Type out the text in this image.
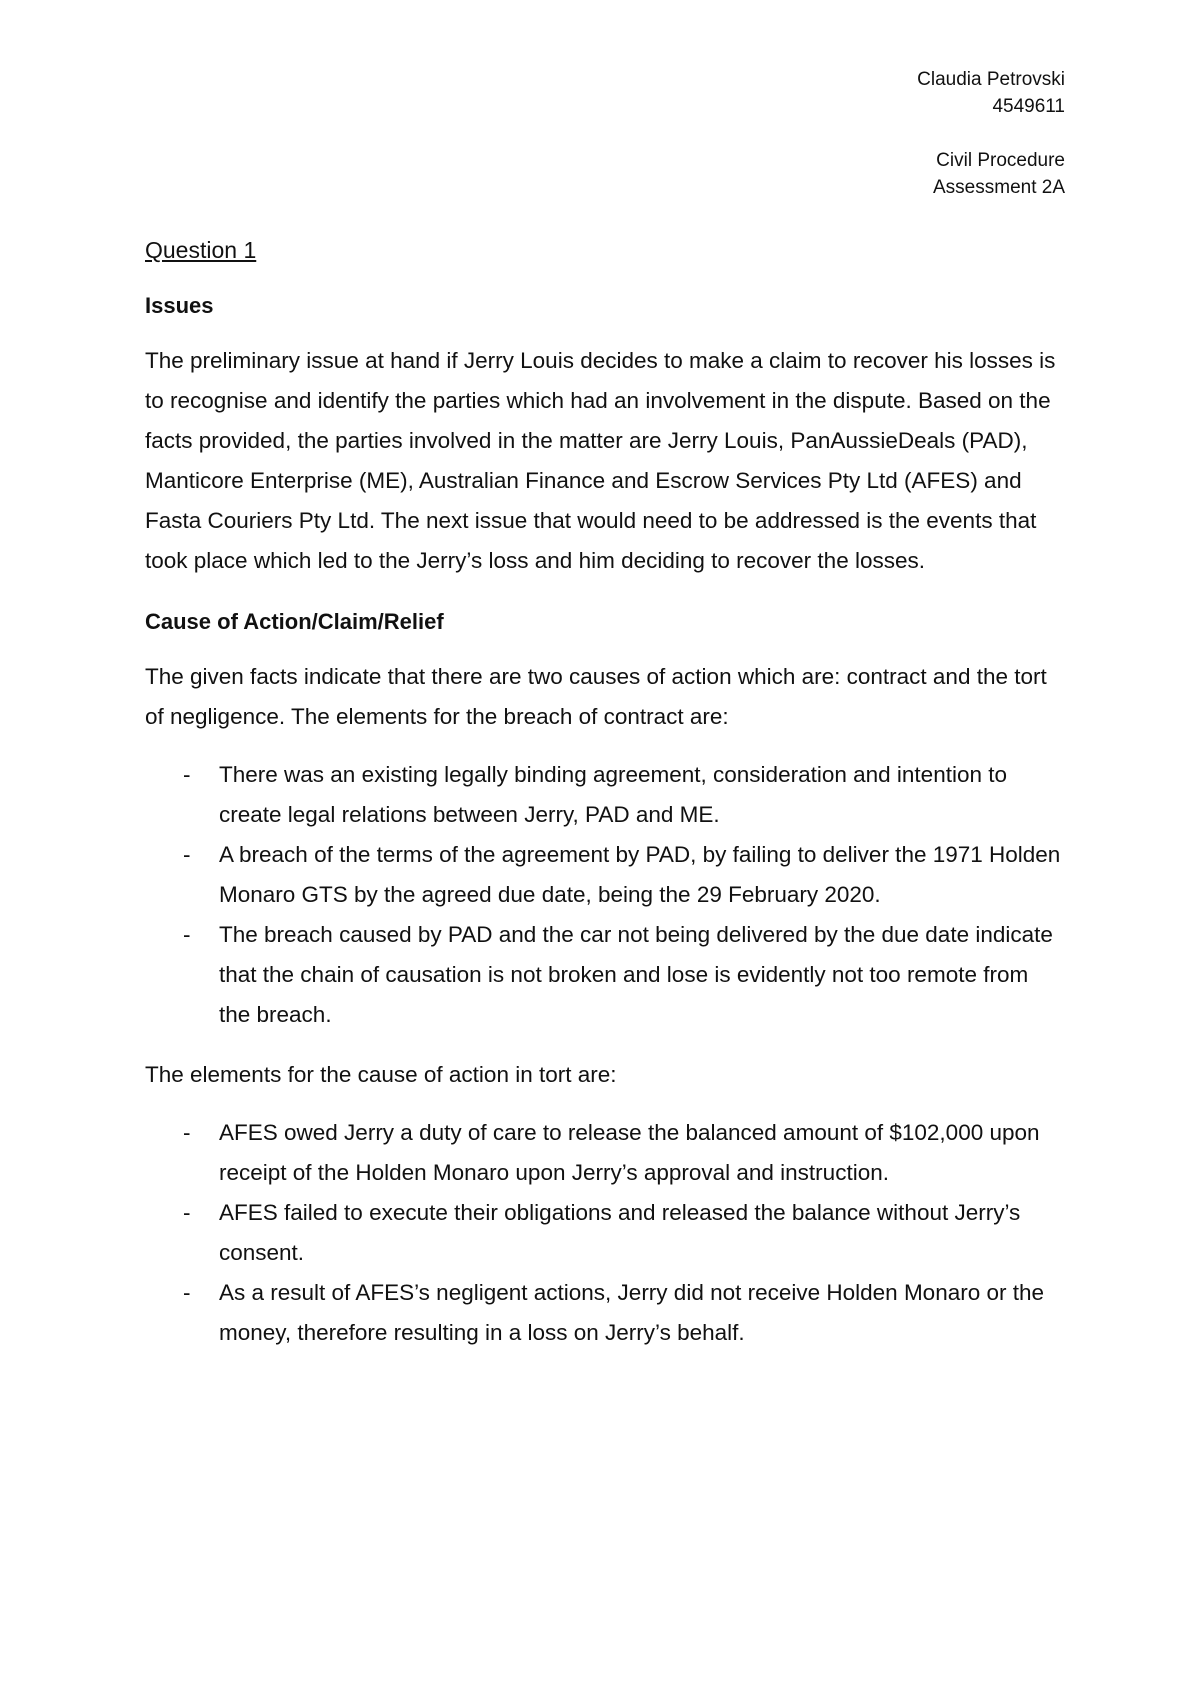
Claudia Petrovski
4549611
Civil Procedure
Assessment 2A
Question 1
Issues

The preliminary issue at hand if Jerry Louis decides to make a claim to recover his losses is to recognise and identify the parties which had an involvement in the dispute. Based on the facts provided, the parties involved in the matter are Jerry Louis, PanAussieDeals (PAD), Manticore Enterprise (ME), Australian Finance and Escrow Services Pty Ltd (AFES) and Fasta Couriers Pty Ltd. The next issue that would need to be addressed is the events that took place which led to the Jerry’s loss and him deciding to recover the losses.

Cause of Action/Claim/Relief

The given facts indicate that there are two causes of action which are: contract and the tort of negligence. The elements for the breach of contract are:

- There was an existing legally binding agreement, consideration and intention to create legal relations between Jerry, PAD and ME.
- A breach of the terms of the agreement by PAD, by failing to deliver the 1971 Holden Monaro GTS by the agreed due date, being the 29 February 2020.
- The breach caused by PAD and the car not being delivered by the due date indicate that the chain of causation is not broken and lose is evidently not too remote from the breach.

The elements for the cause of action in tort are:

- AFES owed Jerry a duty of care to release the balanced amount of $102,000 upon receipt of the Holden Monaro upon Jerry’s approval and instruction.
- AFES failed to execute their obligations and released the balance without Jerry’s consent.
- As a result of AFES’s negligent actions, Jerry did not receive Holden Monaro or the money, therefore resulting in a loss on Jerry’s behalf.
